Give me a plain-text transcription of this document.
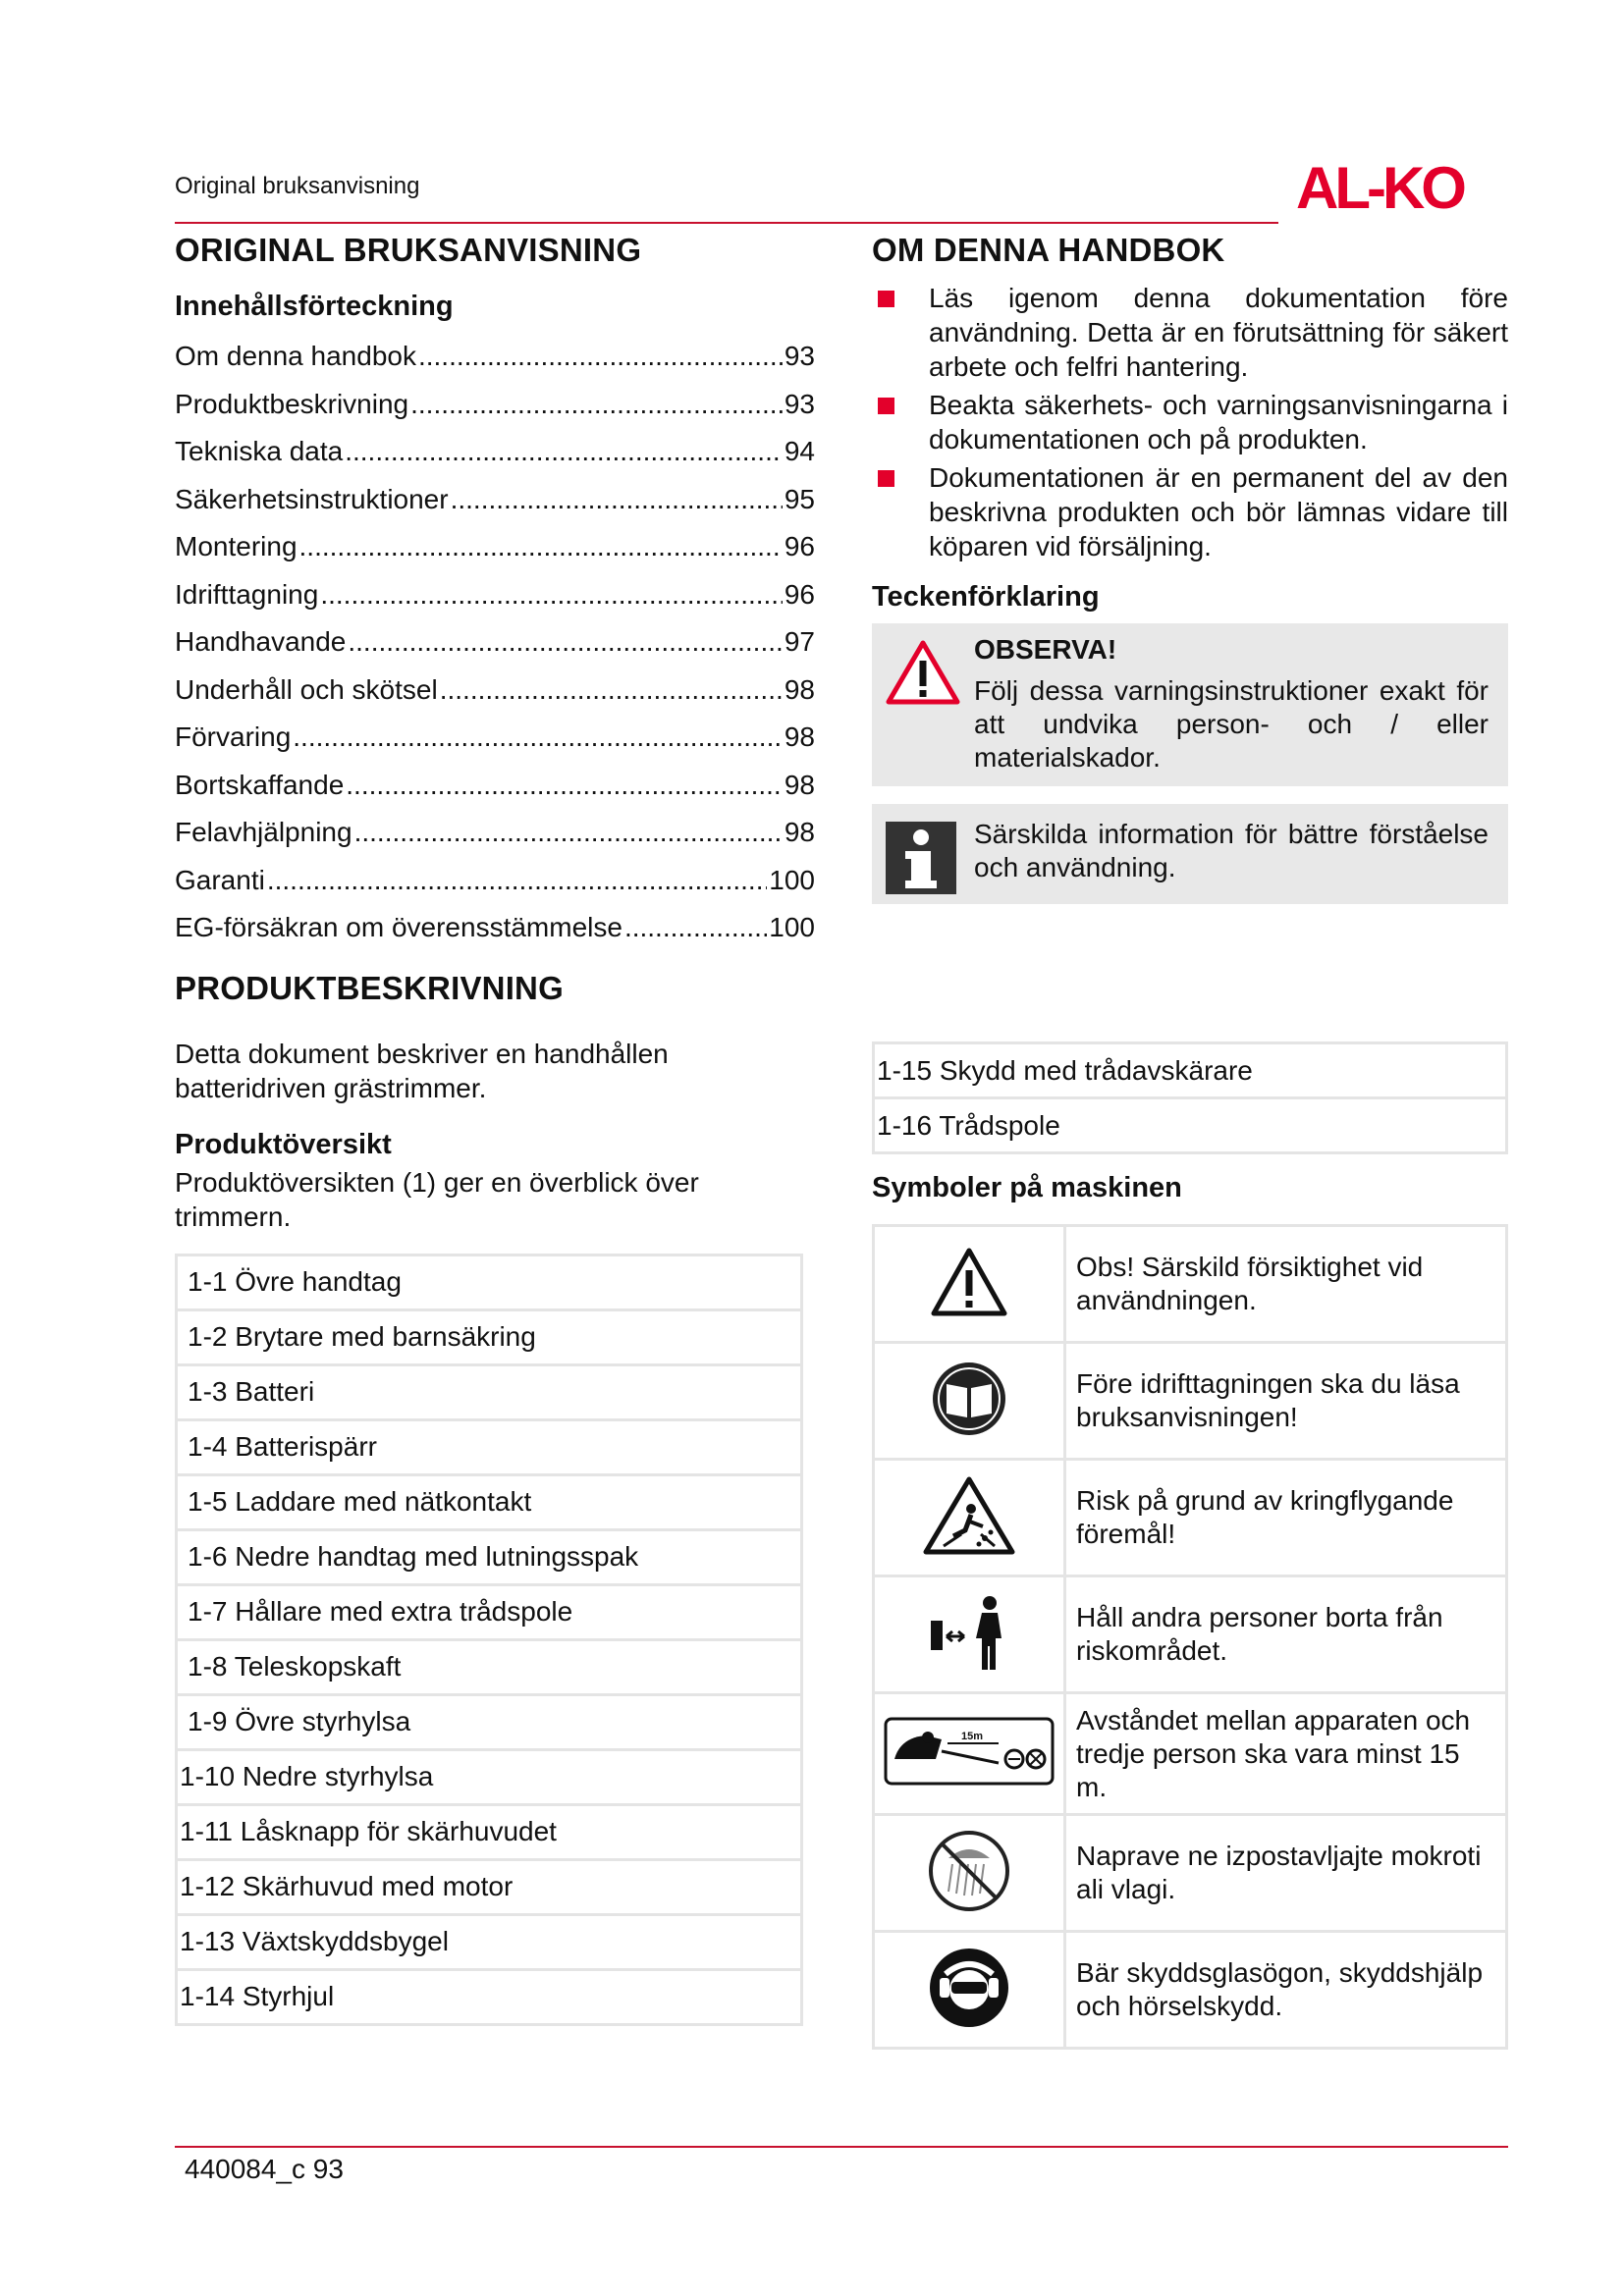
Original bruksanvisning	AL-KO
ORIGINAL BRUKSANVISNING
Innehållsförteckning
Om denna handbok .....	93
Produktbeskrivning .....	93
Tekniska data .....	94
Säkerhetsinstruktioner .....	95
Montering .....	96
Idrifttagning .....	96
Handhavande .....	97
Underhåll och skötsel .....	98
Förvaring .....	98
Bortskaffande .....	98
Felavhjälpning .....	98
Garanti .....	100
EG-försäkran om överensstämmelse .....	100
PRODUKTBESKRIVNING

Detta dokument beskriver en handhållen batteridriven grästrimmer.

Produktöversikt

Produktöversikten (1) ger en överblick över trimmern.

1-1 Övre handtag
1-2 Brytare med barnsäkring
1-3 Batteri
1-4 Batterispärr
1-5 Laddare med nätkontakt
1-6 Nedre handtag med lutningsspak
1-7 Hållare med extra trådspole
1-8 Teleskopskaft
1-9 Övre styrhylsa
1-10 Nedre styrhylsa
1-11 Låsknapp för skärhuvudet
1-12 Skärhuvud med motor
1-13 Växtskyddsbygel
1-14 Styrhjul
OM DENNA HANDBOK
Läs igenom denna dokumentation före användning. Detta är en förutsättning för säkert arbete och felfri hantering.
Beakta säkerhets- och varningsanvisningarna i dokumentationen och på produkten.
Dokumentationen är en permanent del av den beskrivna produkten och bör lämnas vidare till köparen vid försäljning.
Teckenförklaring
OBSERVA!
Följ dessa varningsinstruktioner exakt för att undvika person- och / eller materialskador.
Särskilda information för bättre förståelse och användning.
1-15 Skydd med trådavskärare
1-16 Trådspole
Symboler på maskinen
	Obs! Särskild försiktighet vid användningen.
	Före idrifttagningen ska du läsa bruksanvisningen!
	Risk på grund av kringflygande föremål!
	Håll andra personer borta från riskområdet.

15m	Avståndet mellan apparaten och tredje person ska vara minst 15 m.
	Naprave ne izpostavljajte mokroti ali vlagi.
	Bär skyddsglasögon, skyddshjälp och hörselskydd.
440084_c 93
